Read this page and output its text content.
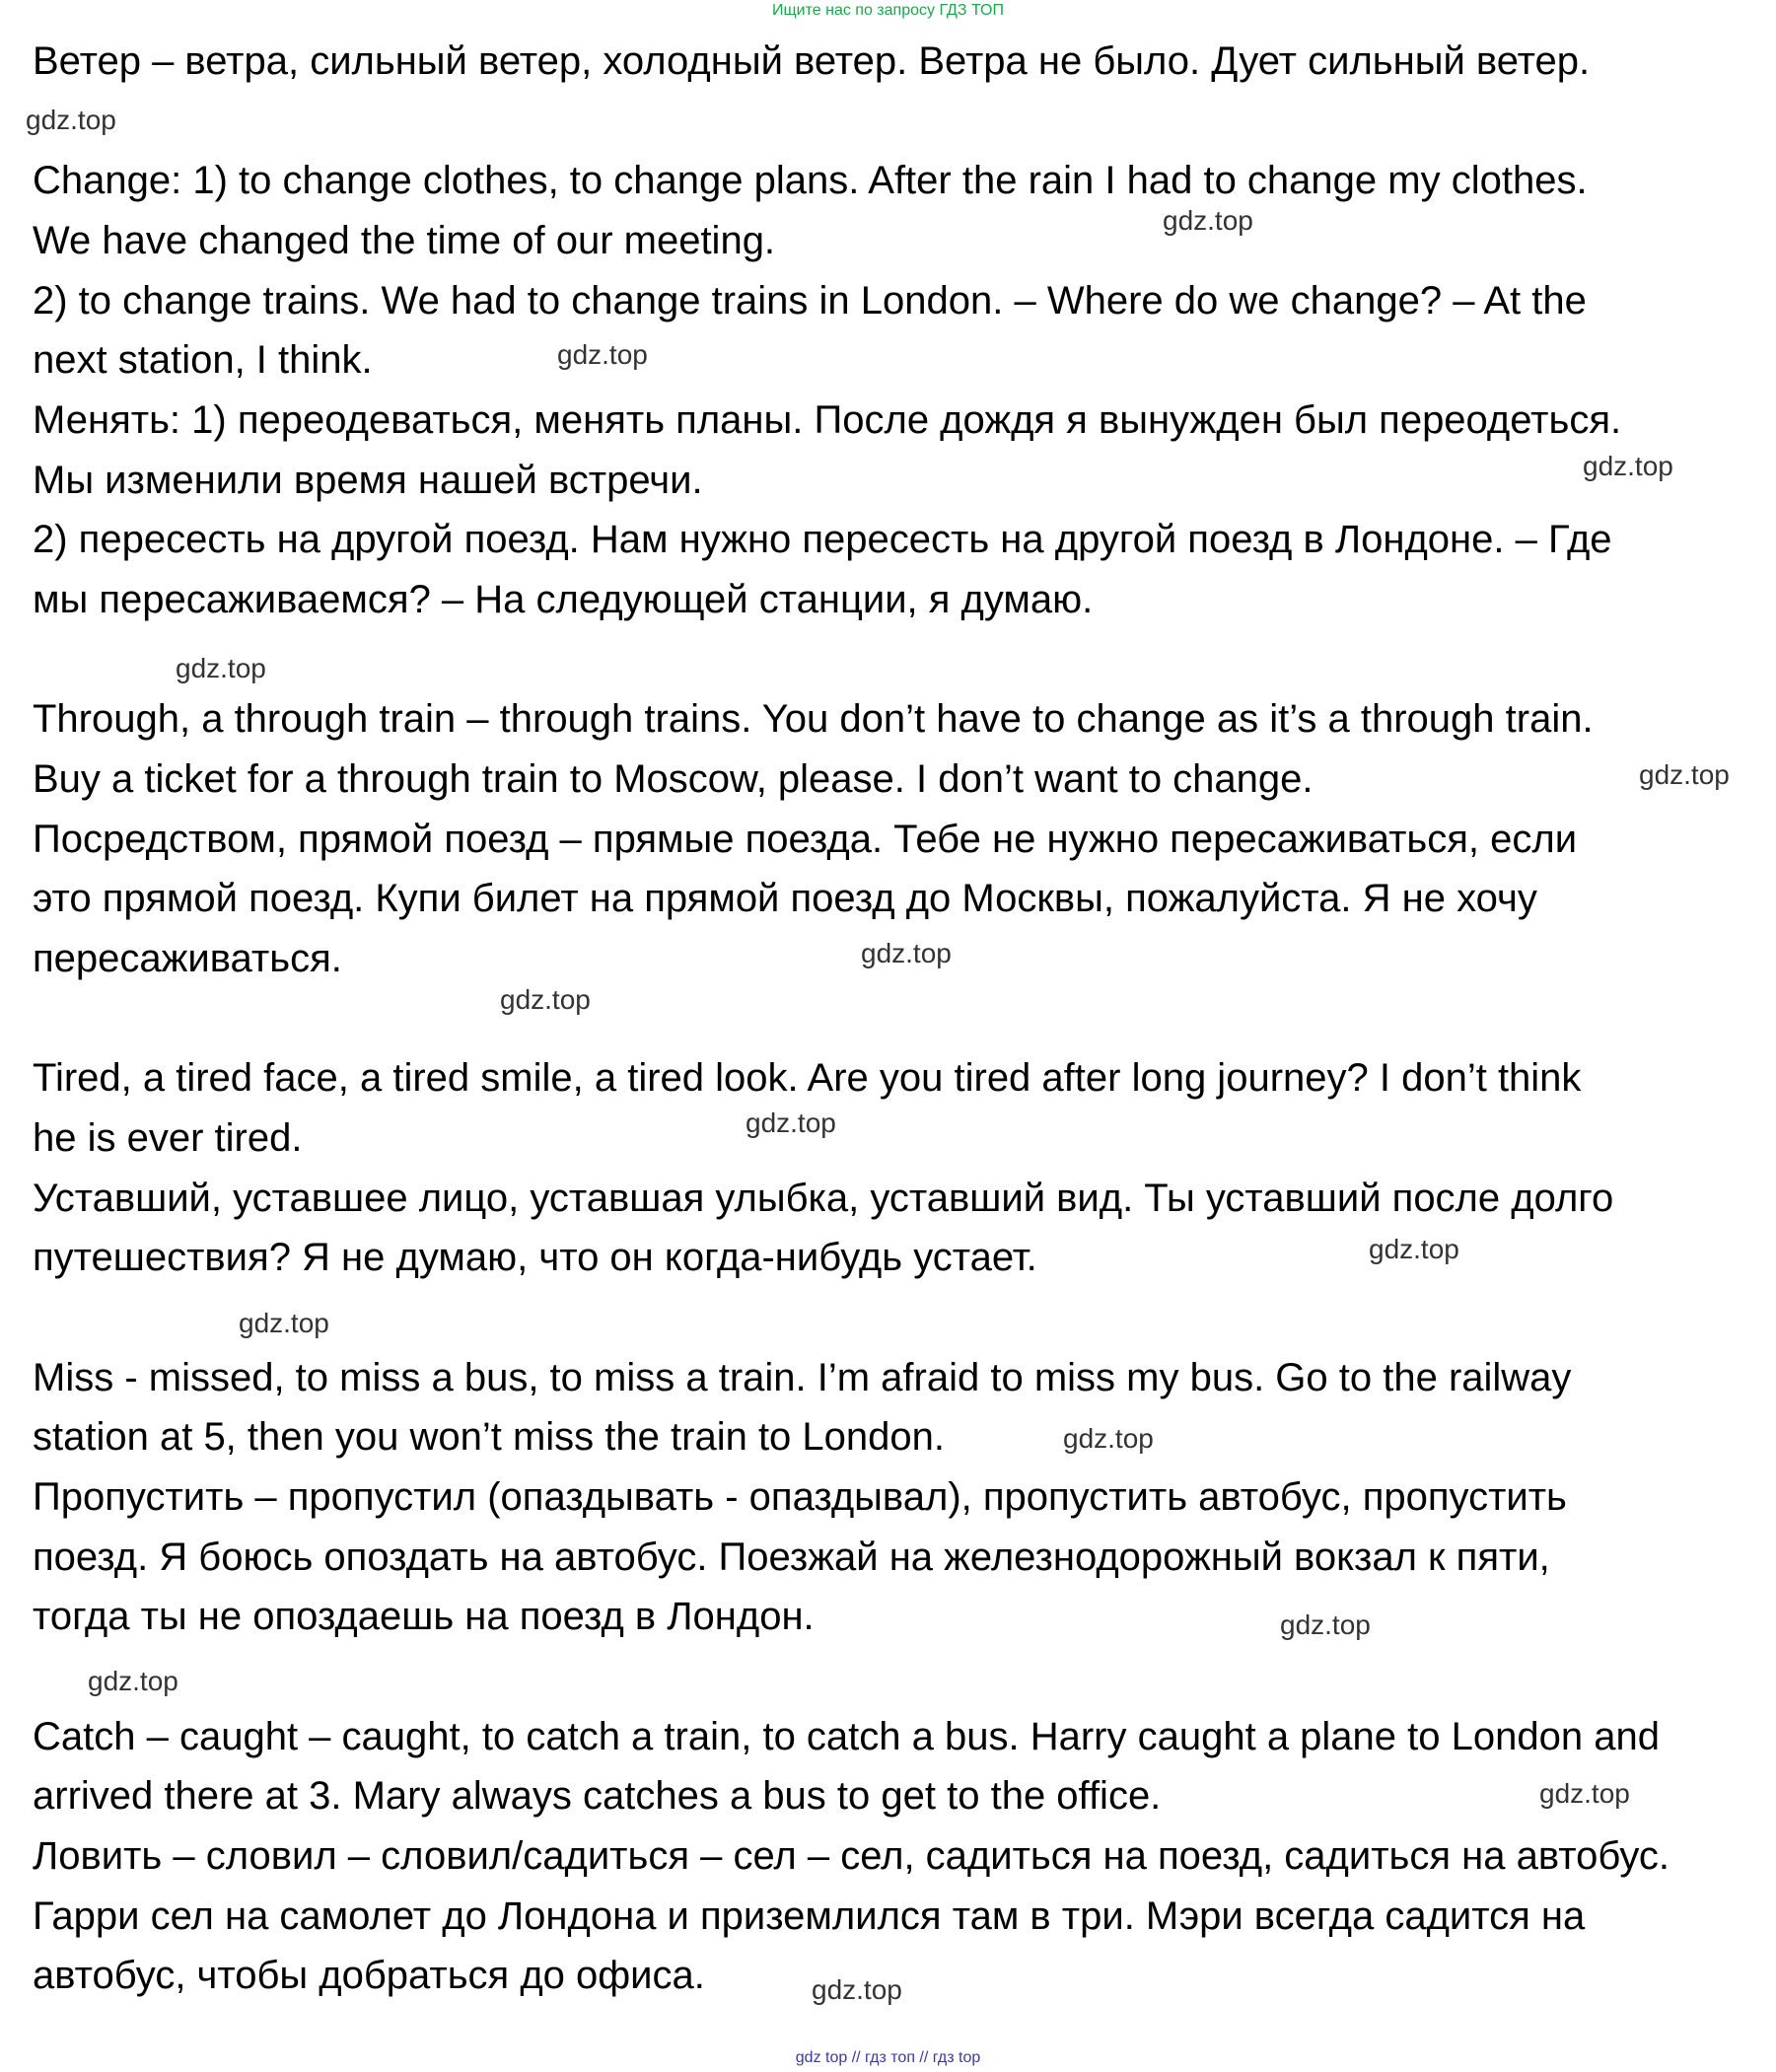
Ищите нас по запросу ГДЗ ТОП
Ветер – ветра, сильный ветер, холодный ветер. Ветра не было. Дует сильный ветер.
Change: 1) to change clothes, to change plans. After the rain I had to change my clothes.
We have changed the time of our meeting.
2) to change trains. We had to change trains in London. – Where do we change? – At the
next station, I think.
Менять: 1) переодеваться, менять планы. После дождя я вынужден был переодеться.
Мы изменили время нашей встречи.
2) пересесть на другой поезд. Нам нужно пересесть на другой поезд в Лондоне. – Где
мы пересаживаемся? – На следующей станции, я думаю.
Through, a through train – through trains. You don’t have to change as it’s a through train.
Buy a ticket for a through train to Moscow, please. I don’t want to change.
Посредством, прямой поезд – прямые поезда. Тебе не нужно пересаживаться, если
это прямой поезд. Купи билет на прямой поезд до Москвы, пожалуйста. Я не хочу
пересаживаться.
Tired, a tired face, a tired smile, a tired look. Are you tired after long journey? I don’t think
he is ever tired.
Уставший, уставшее лицо, уставшая улыбка, уставший вид. Ты уставший после долго
путешествия? Я не думаю, что он когда-нибудь устает.
Miss - missed, to miss a bus, to miss a train. I’m afraid to miss my bus. Go to the railway
station at 5, then you won’t miss the train to London.
Пропустить – пропустил (опаздывать - опаздывал), пропустить автобус, пропустить
поезд. Я боюсь опоздать на автобус. Поезжай на железнодорожный вокзал к пяти,
тогда ты не опоздаешь на поезд в Лондон.
Catch – caught – caught, to catch a train, to catch a bus. Harry caught a plane to London and
arrived there at 3. Mary always catches a bus to get to the office.
Ловить – словил – словил/садиться – сел – сел, садиться на поезд, садиться на автобус.
Гарри сел на самолет до Лондона и приземлился там в три. Мэри всегда садится на
автобус, чтобы добраться до офиса.
gdz.top
gdz.top
gdz.top
gdz.top
gdz.top
gdz.top
gdz.top
gdz.top
gdz.top
gdz.top
gdz.top
gdz.top
gdz.top
gdz.top
gdz.top
gdz.top
gdz top // гдз топ // гдз top
